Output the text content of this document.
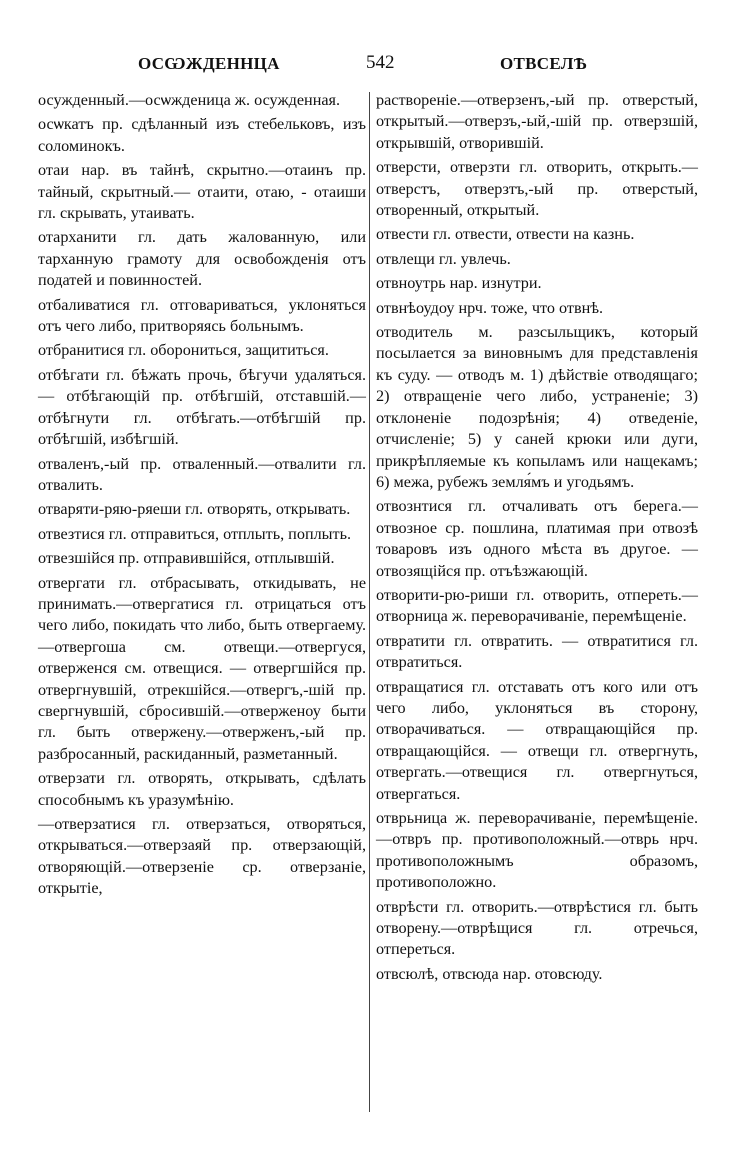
ОСѠЖДЕННЦА	542	ОТВСЕЛѢ

осужденный.—осѡжденица ж. осужденная.

осѡкатъ пр. сдѣланный изъ стебельковъ, изъ соломинокъ.

отаи нар. въ тайнѣ, скрытно.—отаинъ пр. тайный, скрытный.— отаити, отаю, - отаиши гл. скрывать, утаивать.

отарханити гл. дать жалованную, или тарханную грамоту для освобожденія отъ податей и повинностей.

отбаливатися гл. отговариваться, уклоняться отъ чего либо, притворяясь больнымъ.

отбранитися гл. оборониться, защититься.

отбѣгати гл. бѣжать прочь, бѣгучи удаляться. — отбѣгающій пр. отбѣгшій, отставшій.—отбѣгнути гл. отбѣгать.—отбѣгшій пр. отбѣгшій, избѣгшій.

отваленъ,-ый пр. отваленный.—отвалити гл. отвалить.

отваряти-ряю-ряеши гл. отворять, открывать.

отвезтися гл. отправиться, отплыть, поплыть.

отвезшійся пр. отправившійся, отплывшій.

отвергати гл. отбрасывать, откидывать, не принимать.—отвергатися гл. отрицаться отъ чего либо, покидать что либо, быть отвергаему.—отвергоша см. отвещи.—отвергуся, отверженся см. отвещися. — отвергшійся пр. отвергнувшій, отрекшійся.—отвергъ,-шій пр. свергнувшій, сбросившій.—отверженоу быти гл. быть отвержену.—отверженъ,-ый пр. разбросанный, раскиданный, разметанный.

отверзати гл. отворять, открывать, сдѣлать способнымъ къ уразумѣнію.

—отверзатися гл. отверзаться, отворяться, открываться.—отверзаяй пр. отверзающій, отворяющій.—отверзеніе ср. отверзаніе, открытіе,

раствореніе.—отверзенъ,-ый пр. отверстый, открытый.—отверзъ,-ый,-шій пр. отверзшій, открывшій, отворившій.

отверсти, отверзти гл. отворить, открыть.— отверстъ, отверзтъ,-ый пр. отверстый, отворенный, открытый.

отвести гл. отвести, отвести на казнь.

отвлещи гл. увлечь.

отвноутрь нар. изнутри.

отвнѣоудоу нрч. тоже, что отвнѣ.

отводитель м. разсыльщикъ, который посылается за виновнымъ для представленія къ суду. — отводъ м. 1) дѣйствіе отводящаго; 2) отвращеніе чего либо, устраненіе; 3) отклоненіе подозрѣнія; 4) отведеніе, отчисленіе; 5) у саней крюки или дуги, прикрѣпляемые къ копыламъ или нащекамъ; 6) межа, рубежъ земля́мъ и угодьямъ.

отвознтися гл. отчаливать отъ берега.—отвозное ср. пошлина, платимая при отвозѣ товаровъ изъ одного мѣста въ другое. — отвозящійся пр. отъѣзжающій.

отворити-рю-риши гл. отворить, отпереть.—отворница ж. переворачиваніе, перемѣщеніе.

отвратити гл. отвратить. — отвратитися гл. отвратиться.

отвращатися гл. отставать отъ кого или отъ чего либо, уклоняться въ сторону, отворачиваться. — отвращающійся пр. отвращающійся. — отвещи гл. отвергнуть, отвергать.—отвещися гл. отвергнуться, отвергаться.

отврьница ж. переворачиваніе, перемѣщеніе.—отвръ пр. противоположный.—отврь нрч. противоположнымъ образомъ, противоположно.

отврѣсти гл. отворить.—отврѣстися гл. быть отворену.—отврѣщися гл. отречься, отпереться.

отвсюлѣ, отвсюда нар. отовсюду.
